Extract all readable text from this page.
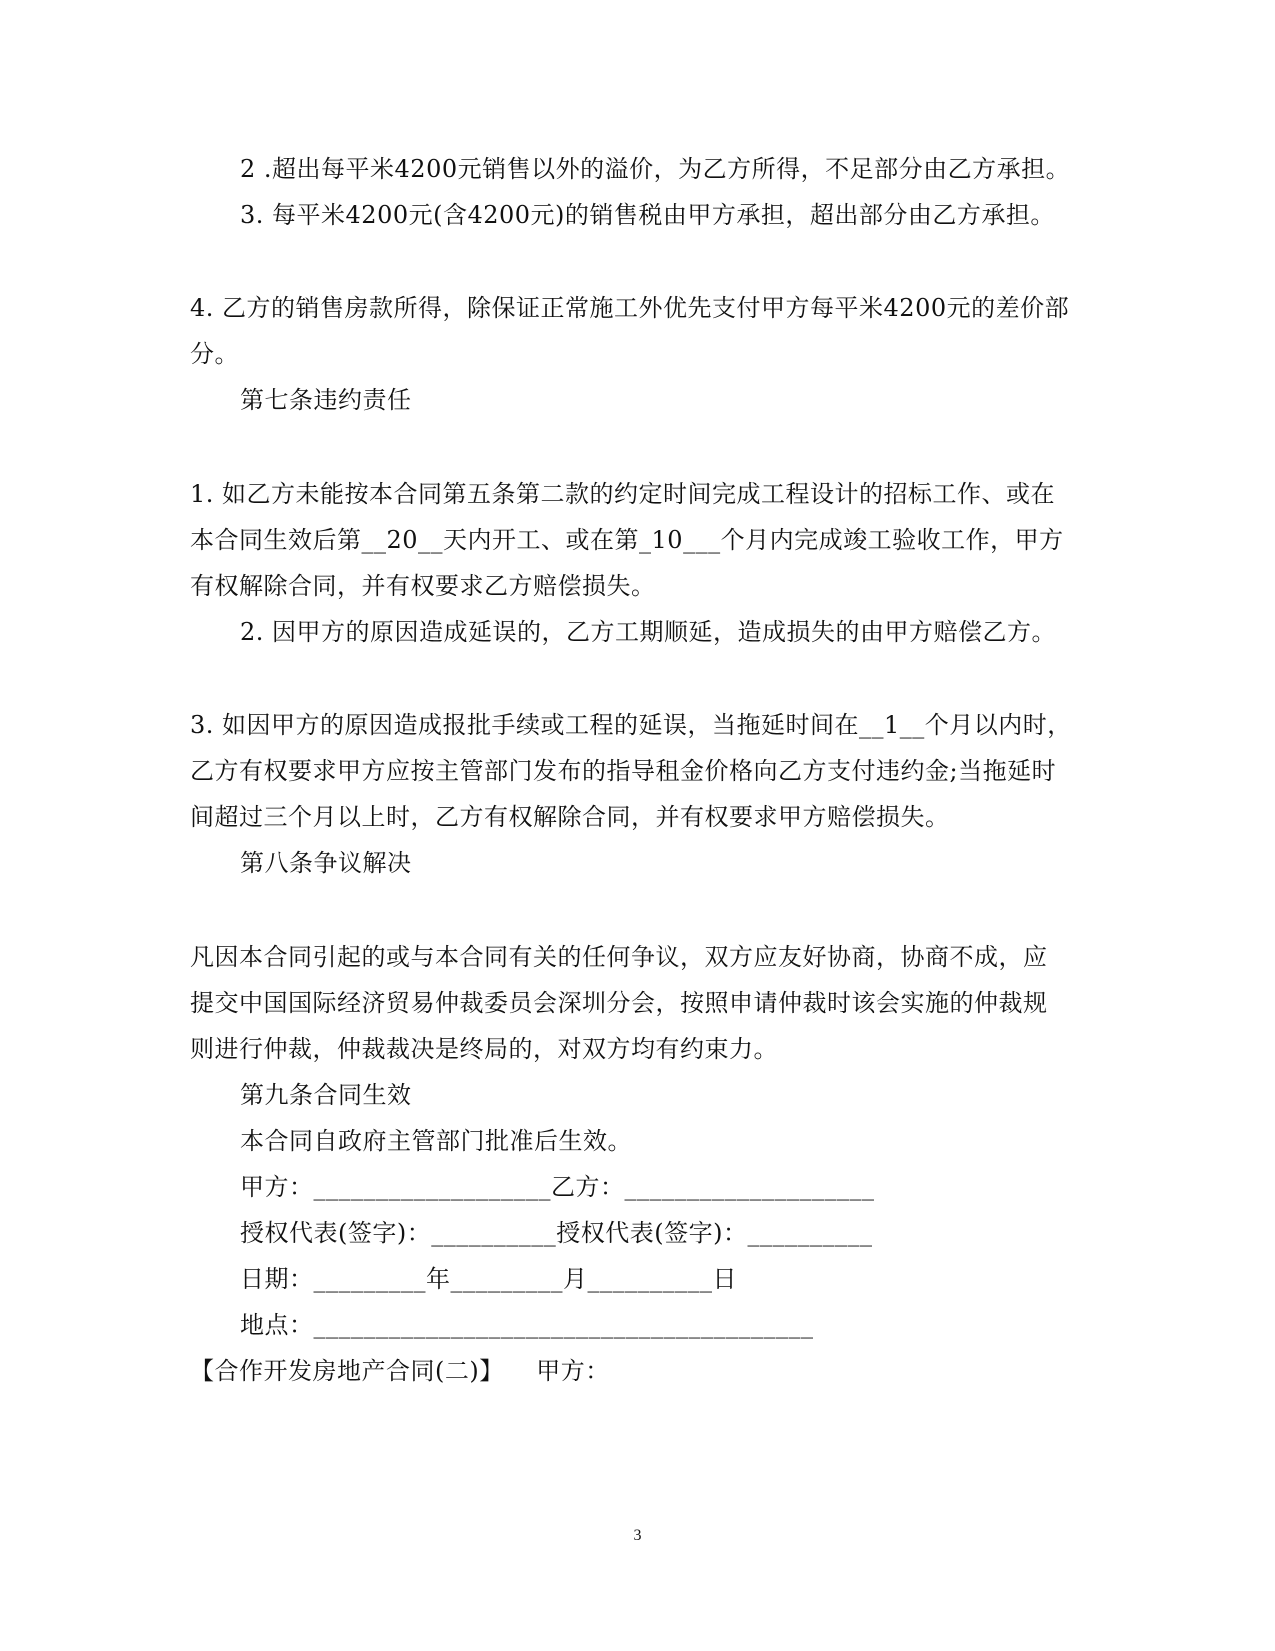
2 .超出每平米4200元销售以外的溢价，为乙方所得，不足部分由乙方承担。
3. 每平米4200元(含4200元)的销售税由甲方承担，超出部分由乙方承担。
4. 乙方的销售房款所得，除保证正常施工外优先支付甲方每平米4200元的差价部
分。
第七条违约责任
1. 如乙方未能按本合同第五条第二款的约定时间完成工程设计的招标工作、或在
本合同生效后第__20__天内开工、或在第_10___个月内完成竣工验收工作，甲方
有权解除合同，并有权要求乙方赔偿损失。
2. 因甲方的原因造成延误的，乙方工期顺延，造成损失的由甲方赔偿乙方。
3. 如因甲方的原因造成报批手续或工程的延误，当拖延时间在__1__个月以内时，
乙方有权要求甲方应按主管部门发布的指导租金价格向乙方支付违约金;当拖延时
间超过三个月以上时，乙方有权解除合同，并有权要求甲方赔偿损失。
第八条争议解决
凡因本合同引起的或与本合同有关的任何争议，双方应友好协商，协商不成，应
提交中国国际经济贸易仲裁委员会深圳分会，按照申请仲裁时该会实施的仲裁规
则进行仲裁，仲裁裁决是终局的，对双方均有约束力。
第九条合同生效
本合同自政府主管部门批准后生效。
甲方：___________________乙方：____________________
授权代表(签字)：__________授权代表(签字)：__________
日期：_________年_________月__________日
地点：________________________________________
【合作开发房地产合同(二)】    甲方：
3
